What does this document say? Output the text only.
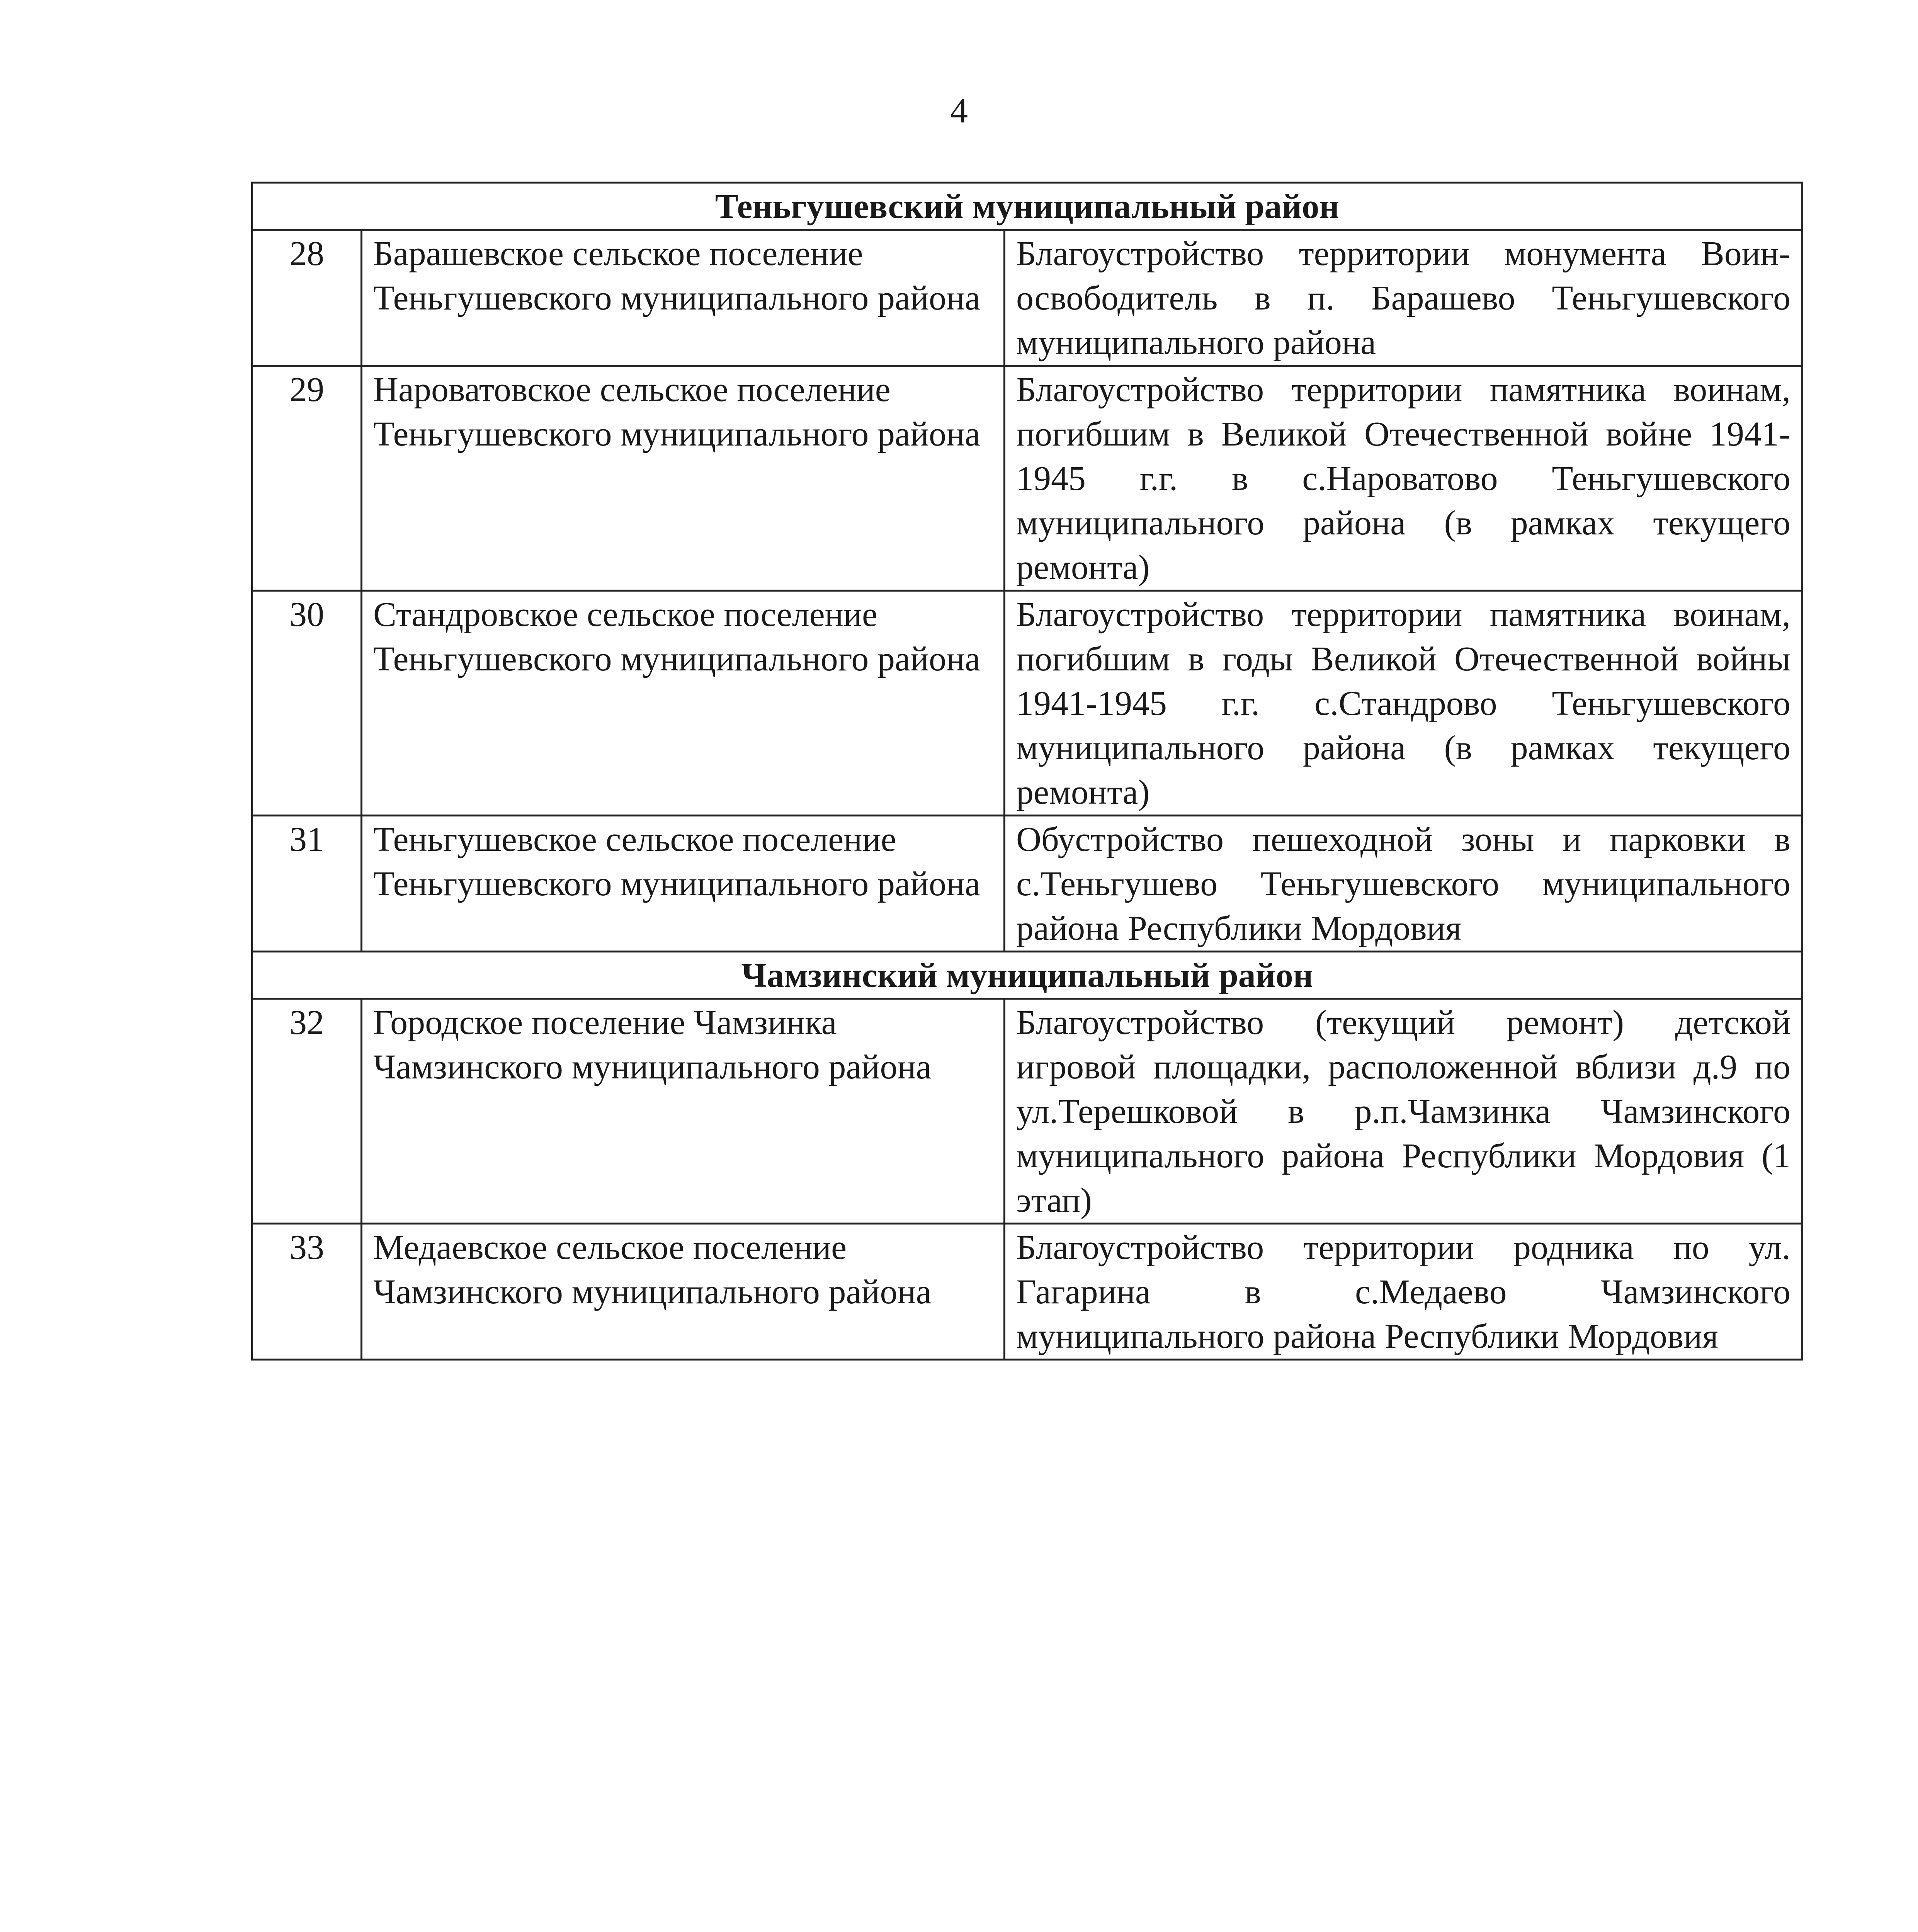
4
Теньгушевский муниципальный район		
28	Барашевское сельское поселение Теньгушевского муниципального района	Благоустройство территории монумента Воин-освободитель в п. Барашево Теньгушевского муниципального района
29	Нароватовское сельское поселение Теньгушевского муниципального района	Благоустройство территории памятника воинам, погибшим в Великой Отечественной войне 1941-1945 г.г. в с.Нароватово Теньгушевского муниципального района (в рамках текущего ремонта)
30	Стандровское сельское поселение Теньгушевского муниципального района	Благоустройство территории памятника воинам, погибшим в годы Великой Отечественной войны 1941-1945 г.г. с.Стандрово Теньгушевского муниципального района (в рамках текущего ремонта)
31	Теньгушевское сельское поселение Теньгушевского муниципального района	Обустройство пешеходной зоны и парковки в с.Теньгушево Теньгушевского муниципального района Республики Мордовия
Чамзинский муниципальный район		
32	Городское поселение Чамзинка Чамзинского муниципального района	Благоустройство (текущий ремонт) детской игровой площадки, расположенной вблизи д.9 по ул.Терешковой в р.п.Чамзинка Чамзинского муниципального района Республики Мордовия (1 этап)
33	Медаевское сельское поселение Чамзинского муниципального района	Благоустройство территории родника по ул. Гагарина в с.Медаево Чамзинского муниципального района Республики Мордовия
